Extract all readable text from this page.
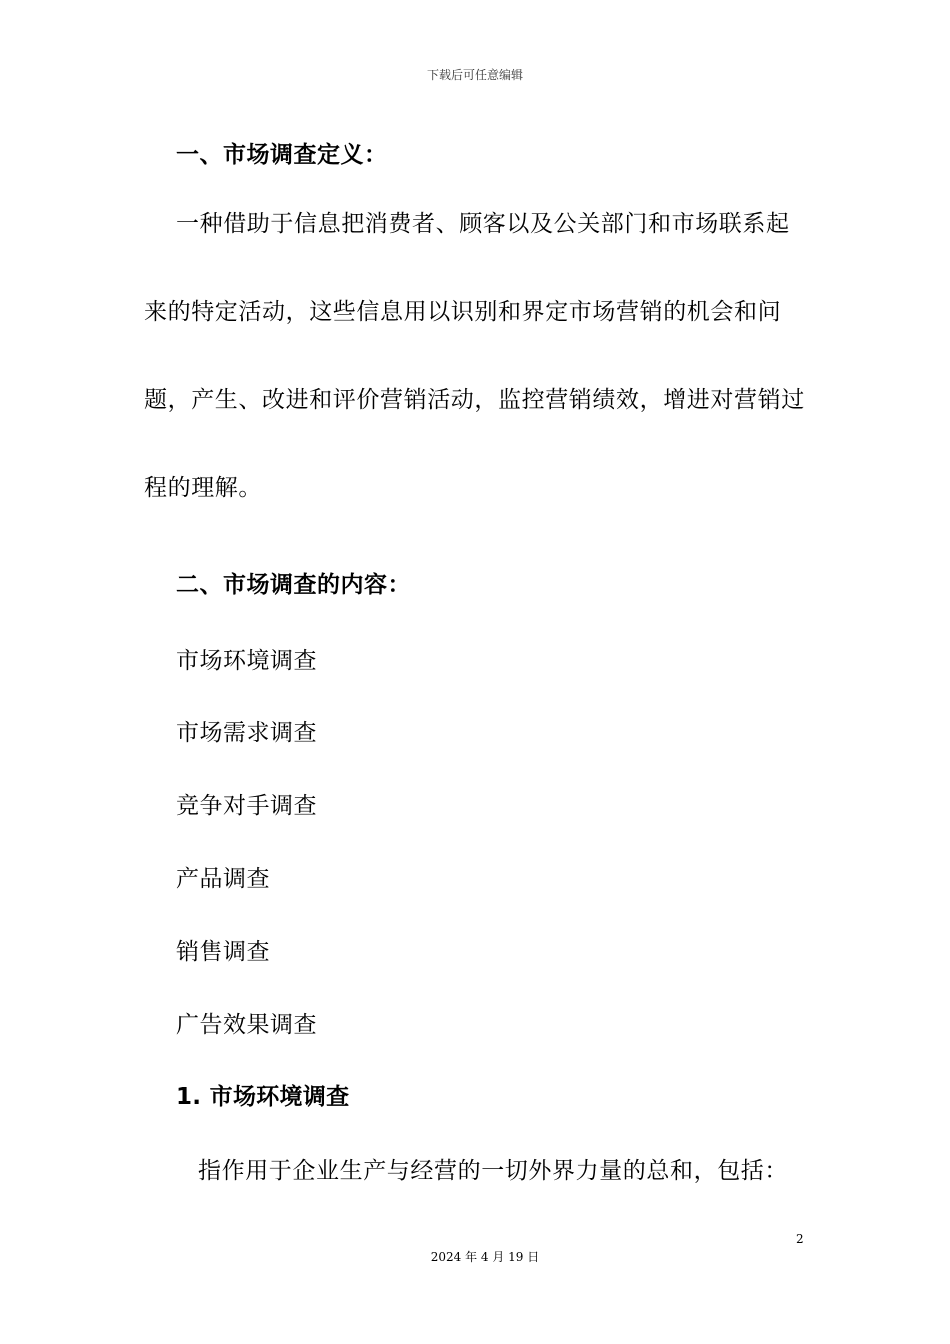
下载后可任意编辑
一、市场调查定义：

一种借助于信息把消费者、顾客以及公关部门和市场联系起来的特定活动，这些信息用以识别和界定市场营销的机会和问题，产生、改进和评价营销活动，监控营销绩效，增进对营销过程的理解。

二、市场调查的内容：
市场环境调查
市场需求调查
竞争对手调查
产品调查
销售调查
广告效果调查
1. 市场环境调查

指作用于企业生产与经营的一切外界力量的总和，包括：

2
2024 年 4 月 19 日
